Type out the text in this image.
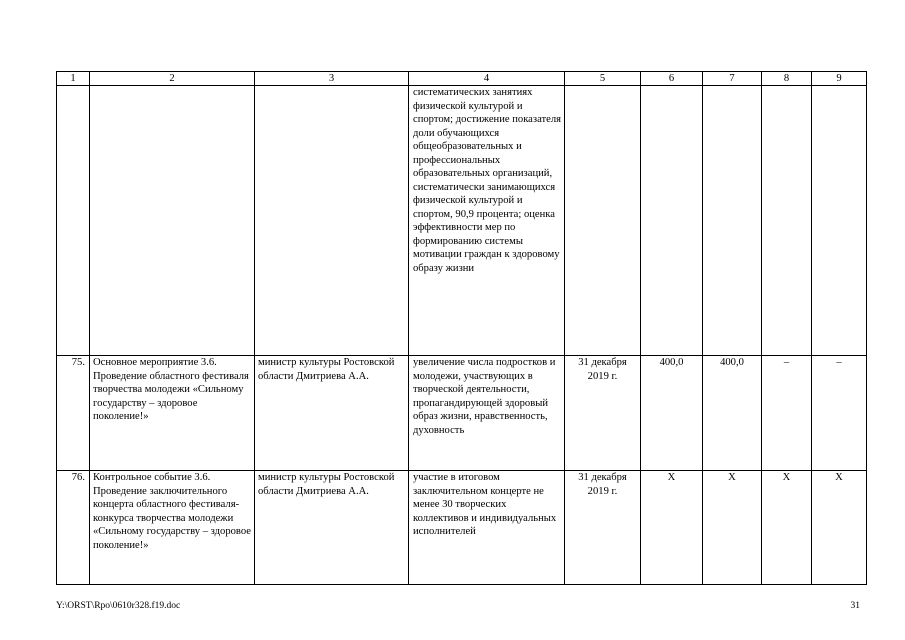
1	2	3	4	5	6	7	8	9
			систематических занятиях физической культурой и спортом; достижение показателя доли обучающихся общеобразовательных и профессиональных образовательных организаций, систематически занимающихся физической культурой и спортом, 90,9 процента; оценка эффективности мер по формированию системы мотивации граждан к здоровому образу жизни					
75.	Основное мероприятие 3.6. Проведение областного фестиваля творчества молодежи «Сильному государству – здоровое поколение!»	министр культуры Ростовской области Дмитриева А.А.	увеличение числа подростков и молодежи, участвующих в творческой деятельности, пропагандирующей здоровый образ жизни, нравственность, духовность	31 декабря 2019 г.	400,0	400,0	–	–
76.	Контрольное событие 3.6. Проведение заключительного концерта областного фестиваля-конкурса творчества молодежи «Сильному государству – здоровое поколение!»	министр культуры Ростовской области Дмитриева А.А.	участие в итоговом заключительном концерте не менее 30 творческих коллективов и индивидуальных исполнителей	31 декабря 2019 г.	Х	Х	Х	Х
Y:\ORST\Rpo\0610r328.f19.doc	31
